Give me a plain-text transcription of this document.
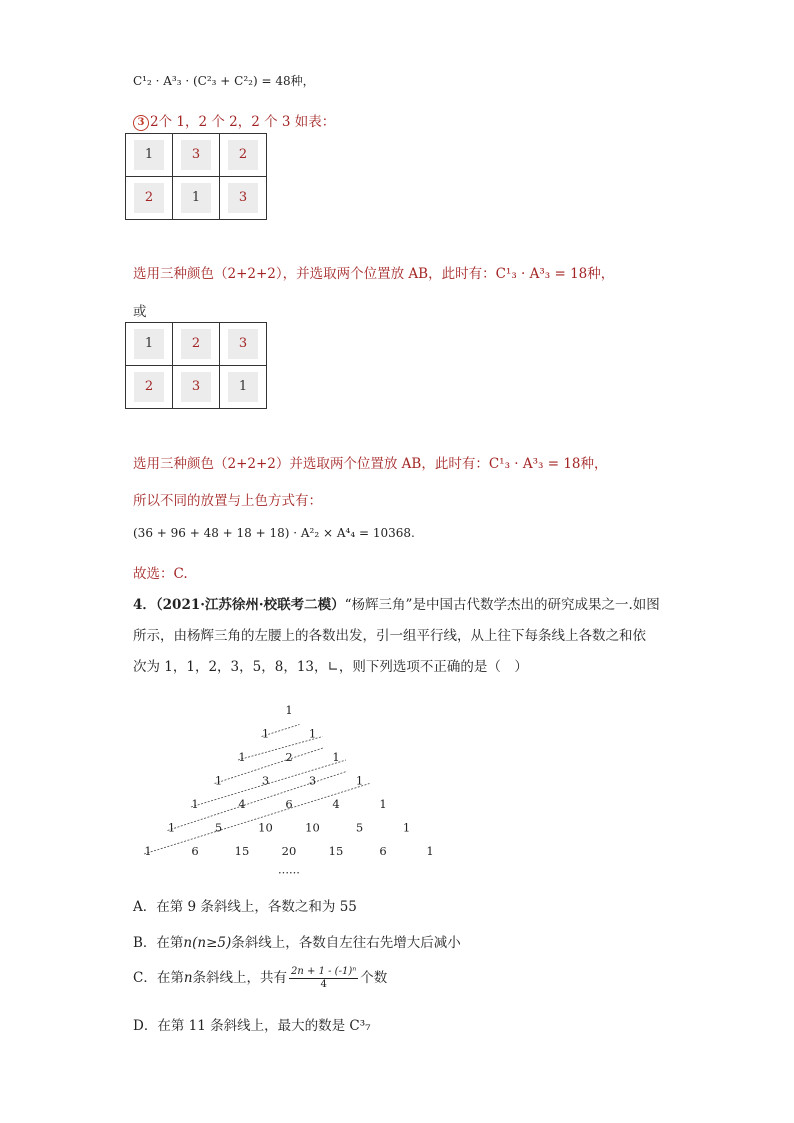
C¹₂ · A³₃ · (C²₃ + C²₂) = 48种，
3 2个 1，2 个 2，2 个 3 如表：
1	3	2
2	1	3
选用三种颜色（2+2+2），并选取两个位置放 AB，此时有：C¹₃ · A³₃ = 18种，
或
1	2	3
2	3	1
选用三种颜色（2+2+2）并选取两个位置放 AB，此时有：C¹₃ · A³₃ = 18种，
所以不同的放置与上色方式有：
(36 + 96 + 48 + 18 + 18) · A²₂ × A⁴₄ = 10368.
故选：C.
4．（2021·江苏徐州·校联考二模）“杨辉三角”是中国古代数学杰出的研究成果之一.如图
所示，由杨辉三角的左腰上的各数出发，引一组平行线，从上往下每条线上各数之和依
次为 1，1，2，3，5，8，13，∟，则下列选项不正确的是（　）
1
1	1
1	2	1
1	3	3	1
1	4	6	4	1
1	5	10	10	5	1
1	6	15	20	15	6	1
······
A．在第 9 条斜线上，各数之和为 55
B．在第n(n≥5)条斜线上，各数自左往右先增大后减小
C．在第n条斜线上，共有 $\frac{\text{2n + 1 - (-1)ⁿ}}{4}$ 个数
D．在第 11 条斜线上，最大的数是 C³₇
